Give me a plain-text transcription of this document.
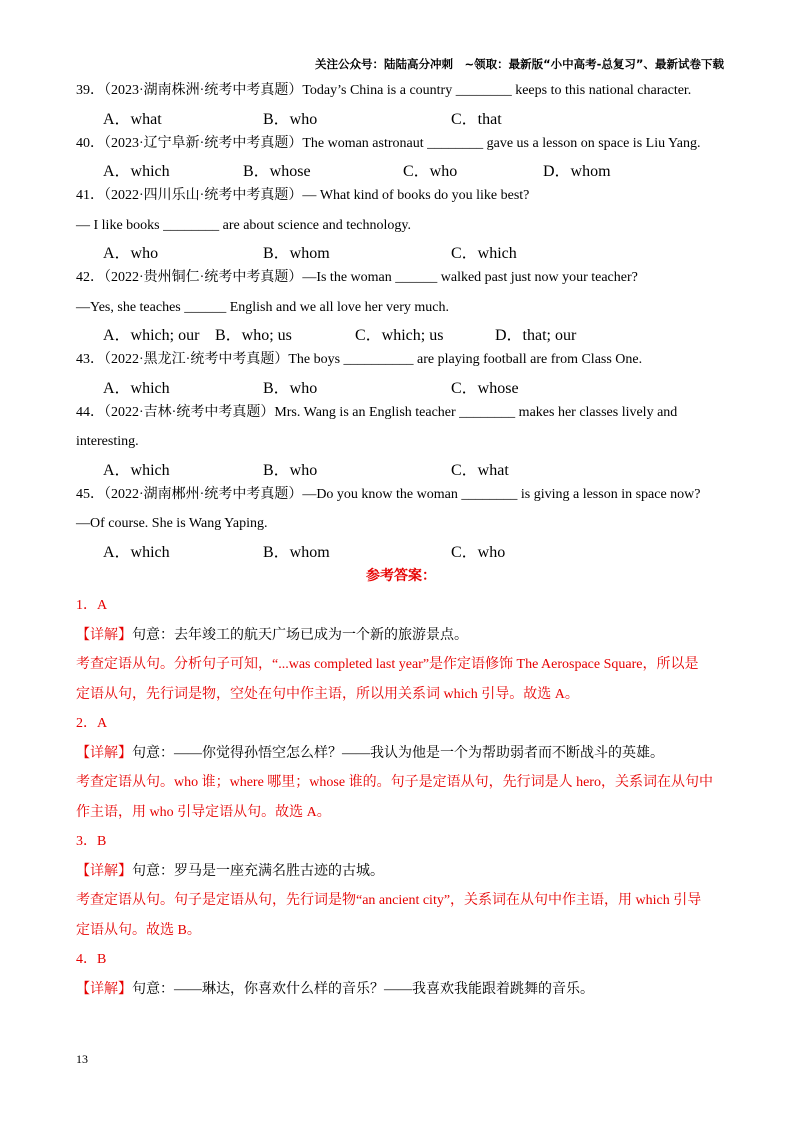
关注公众号：陆陆高分冲刺　~领取：最新版“小中高考-总复习”、最新试卷下载
39．（2023·湖南株洲·统考中考真题）Today’s China is a country ________ keeps to this national character.
A．what	B．who	C．that
40．（2023·辽宁阜新·统考中考真题）The woman astronaut ________ gave us a lesson on space is Liu Yang.
A．which	B．whose	C．who	D．whom
41．（2022·四川乐山·统考中考真题）— What kind of books do you like best?
— I like books ________ are about science and technology.
A．who	B．whom	C．which
42．（2022·贵州铜仁·统考中考真题）—Is the woman ______ walked past just now your teacher?
—Yes, she teaches ______ English and we all love her very much.
A．which; our B．who; us	C．which; us	D．that; our
43．（2022·黑龙江·统考中考真题）The boys __________ are playing football are from Class One.
A．which	B．who	C．whose
44．（2022·吉林·统考中考真题）Mrs. Wang is an English teacher ________ makes her classes lively and
interesting.
A．which	B．who	C．what
45．（2022·湖南郴州·统考中考真题）—Do you know the woman ________ is giving a lesson in space now?
—Of course. She is Wang Yaping.
A．which	B．whom	C．who
参考答案：
1．A
【详解】句意：去年竣工的航天广场已成为一个新的旅游景点。
考查定语从句。分析句子可知，“...was completed last year”是作定语修饰 The Aerospace Square，所以是
定语从句，先行词是物，空处在句中作主语，所以用关系词 which 引导。故选 A。
2．A
【详解】句意：——你觉得孙悟空怎么样？——我认为他是一个为帮助弱者而不断战斗的英雄。
考查定语从句。who 谁；where 哪里；whose 谁的。句子是定语从句，先行词是人 hero，关系词在从句中
作主语，用 who 引导定语从句。故选 A。
3．B
【详解】句意：罗马是一座充满名胜古迹的古城。
考查定语从句。句子是定语从句，先行词是物“an ancient city”，关系词在从句中作主语，用 which 引导
定语从句。故选 B。
4．B
【详解】句意：——琳达，你喜欢什么样的音乐？——我喜欢我能跟着跳舞的音乐。
13
